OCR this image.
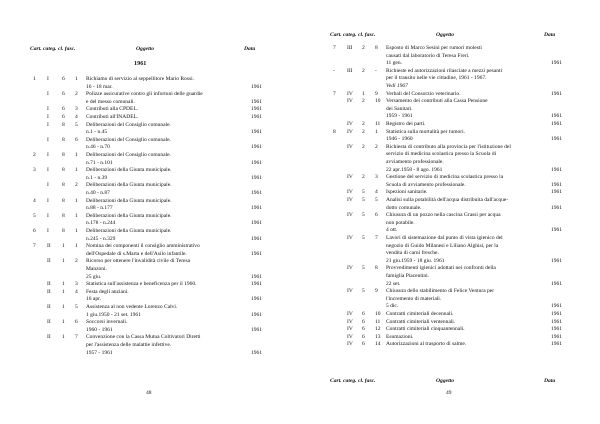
Cart. categ. cl. fasc.	Oggetto	Data
1961
1 I 6 1 Richiamo di servizio al seppellitore Mario Rossi.
16 - 18 mar.	1961
I 6 2 Polizze assicurative contro gli infortuni delle guardie
e del messo comunali.	1961
I 6 3 Contributi alla CPDEL.	1961
I 6 4 Contributi all'INADEL.	1961
I 8 5 Deliberazioni del Consiglio comunale.
n.1 - n.45	1961
I 8 6 Deliberazioni del Consiglio comunale.
n.46 - n.70	1961
2 I 8 1 Deliberazioni del Consiglio comunale.
n.71 - n.101	1961
3 I 8 1 Deliberazioni della Giunta municipale.
n.1 - n.39	1961
I 8 2 Deliberazioni della Giunta municipale.
n.40 - n.87	1961
4 I 8 1 Deliberazioni della Giunta municipale.
n.88 - n.177	1961
5 I 8 1 Deliberazioni della Giunta municipale.
n.178 - n.244	1961
6 I 8 1 Deliberazioni della Giunta municipale.
n.245 - n.329	1961
7 II 1 1 Nomina dei componenti il consiglio amministrativo
dell'Ospedale di s.Marta e dell'Asilo infantile.	1961
II 1 2 Ricorso per ottenere l'invalidità civile di Teresa
Manzoni.
25 giu.	1961
II 1 3 Statistica sull'assistenza e beneficenza per il 1960.	1961
II 1 4 Festa degli anziani.
16 apr.	1961
II 1 5 Assistenza al non vedente Lorenzo Calvi.
1 giu.1950 - 21 set. 1961	1961
II 1 6 Soccorsi invernali.
1960 - 1961	1961
II 1 7 Convenzione con la Cassa Mutua Coltivatori Diretti
per l'assistenza delle malattie infettive.
1957 - 1961	1961
48
Cart. categ. cl. fasc.	Oggetto	Data
7 III 2 8 Esposto di Marco Sesini per rumori molesti
causati dal laboratorio di Teresa Freri.
11 gen.	1961
- III 2 - Richieste ed autorizzazioni rilasciate a mezzi pesanti
per il transito nelle vie cittadine, 1961 - 1967.
Vedi 1967
7 IV 1 9 Verbali del Consorzio veterinario.	1961
IV 2 10 Versamento dei contributi alla Cassa Pensione
dei Sanitari.
1959 - 1961	1961
IV 2 11 Registro dei parti.	1961
8 IV 2 1 Statistica sulla mortalità per tumori.
1946 - 1960	1961
IV 2 2 Richiesta di contributo alla provincia per l'istituzione del
servizio di medicina scolastica presso la Scuola di
avviamento professionale.
22 apr.1958 - 8 ago. 1961	1961
IV 2 3 Gestione del servizio di medicina scolastica presso la
Scuola di avviamento professionale.	1961
IV 5 4 Ispezioni sanitarie.	1961
IV 5 5 Analisi sulla potabilità dell'acqua distribuita dall'acque-
dotto comunale.	1961
IV 5 6 Chiusura di un pozzo nella cascina Grassi per acqua
non potabile.
4 ott.	1961
IV 5 7 Lavori di sistemazione dal punto di vista igienico del
negozio di Guido Milanesi e Liliano Alghisi, per la
vendita di carni fresche.
21 giu.1959 - 18 giu. 1961	1961
IV 5 8 Provvedimenti igienici adottati nei confronti della
famiglia Piacentini.
22 set.	1961
IV 5 9 Chiusura dello stabilimento di Felice Ventura per
l'incremento di materiali.
5 dic.	1961
IV 6 10 Contratti cimiteriali decennali.	1961
IV 6 11 Contratti cimiteriali ventennali.	1961
IV 6 12 Contratti cimiteriali cinquantennali.	1961
IV 6 13 Esumazioni.	1961
IV 6 14 Autorizzazioni al trasporto di salme.	1961
Cart. categ. cl. fasc.	Oggetto	Data
49
